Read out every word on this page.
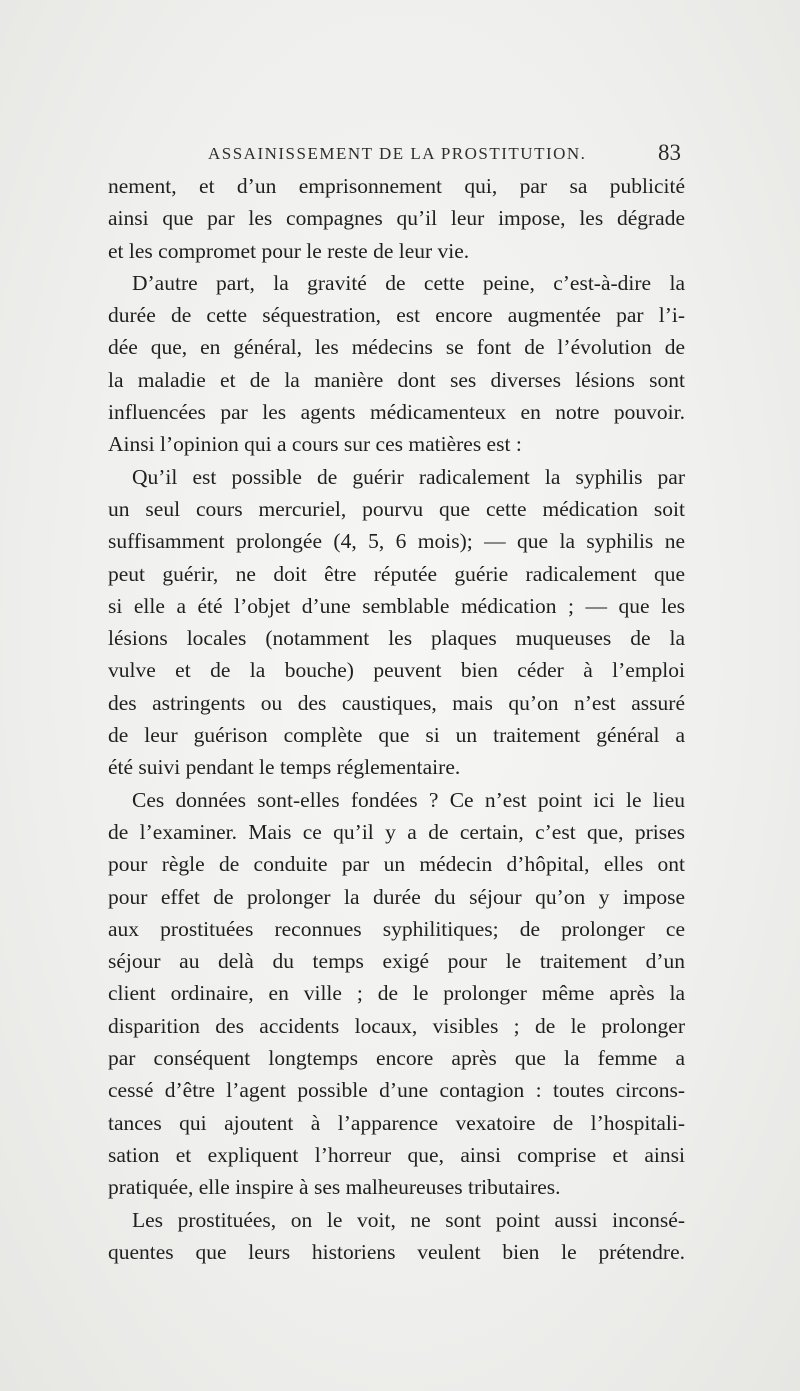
ASSAINISSEMENT DE LA PROSTITUTION.	83
nement, et d’un emprisonnement qui, par sa publicité
ainsi que par les compagnes qu’il leur impose, les dégrade
et les compromet pour le reste de leur vie.
D’autre part, la gravité de cette peine, c’est-à-dire la
durée de cette séquestration, est encore augmentée par l’i-
dée que, en général, les médecins se font de l’évolution de
la maladie et de la manière dont ses diverses lésions sont
influencées par les agents médicamenteux en notre pouvoir.
Ainsi l’opinion qui a cours sur ces matières est :
Qu’il est possible de guérir radicalement la syphilis par
un seul cours mercuriel, pourvu que cette médication soit
suffisamment prolongée (4, 5, 6 mois); — que la syphilis ne
peut guérir, ne doit être réputée guérie radicalement que
si elle a été l’objet d’une semblable médication ; — que les
lésions locales (notamment les plaques muqueuses de la
vulve et de la bouche) peuvent bien céder à l’emploi
des astringents ou des caustiques, mais qu’on n’est assuré
de leur guérison complète que si un traitement général a
été suivi pendant le temps réglementaire.
Ces données sont-elles fondées ? Ce n’est point ici le lieu
de l’examiner. Mais ce qu’il y a de certain, c’est que, prises
pour règle de conduite par un médecin d’hôpital, elles ont
pour effet de prolonger la durée du séjour qu’on y impose
aux prostituées reconnues syphilitiques; de prolonger ce
séjour au delà du temps exigé pour le traitement d’un
client ordinaire, en ville ; de le prolonger même après la
disparition des accidents locaux, visibles ; de le prolonger
par conséquent longtemps encore après que la femme a
cessé d’être l’agent possible d’une contagion : toutes circons-
tances qui ajoutent à l’apparence vexatoire de l’hospitali-
sation et expliquent l’horreur que, ainsi comprise et ainsi
pratiquée, elle inspire à ses malheureuses tributaires.
Les prostituées, on le voit, ne sont point aussi inconsé-
quentes que leurs historiens veulent bien le prétendre.
